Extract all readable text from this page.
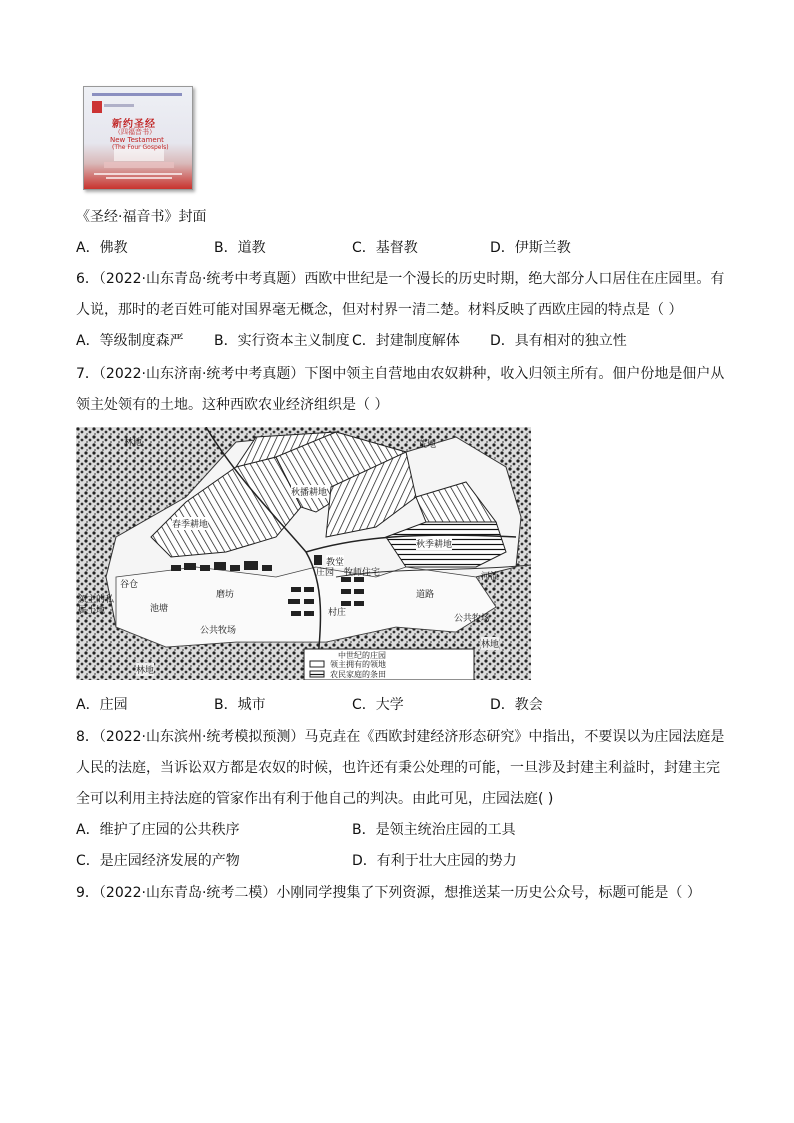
新约圣经
（四福音书）
New Testament
(The Four Gospels)
《圣经·福音书》封面
A．佛教	B．道教	C．基督教	D．伊斯兰教
6．（2022·山东青岛·统考中考真题）西欧中世纪是一个漫长的历史时期，绝大部分人口居住在庄园里。有
人说，那时的老百姓可能对国界毫无概念，但对村界一清二楚。材料反映了西欧庄园的特点是（ ）
A．等级制度森严 B．实行资本主义制度 C．封建制度解体 D．具有相对的独立性
7．（2022·山东济南·统考中考真题）下图中领主自营地由农奴耕种，收入归领主所有。佃户份地是佃户从
领主处领有的土地。这种西欧农业经济组织是（ ）
林地	荒地
秋播耕地
春季耕地
秋季耕地
教堂
庄园 牧师住宅
谷仓
领主的私属土地	池塘
磨坊
村庄
道路
河流
公共牧场
公共牧场
林地
林地
中世纪的庄园
领主拥有的领地
农民家庭的条田
A．庄园	B．城市	C．大学	D．教会
8．（2022·山东滨州·统考模拟预测）马克垚在《西欧封建经济形态研究》中指出，不要误以为庄园法庭是
人民的法庭，当诉讼双方都是农奴的时候，也许还有秉公处理的可能，一旦涉及封建主利益时，封建主完
全可以利用主持法庭的管家作出有利于他自己的判决。由此可见，庄园法庭( )
A．维护了庄园的公共秩序	B．是领主统治庄园的工具
C．是庄园经济发展的产物	D．有利于壮大庄园的势力
9．（2022·山东青岛·统考二模）小刚同学搜集了下列资源，想推送某一历史公众号，标题可能是（ ）
